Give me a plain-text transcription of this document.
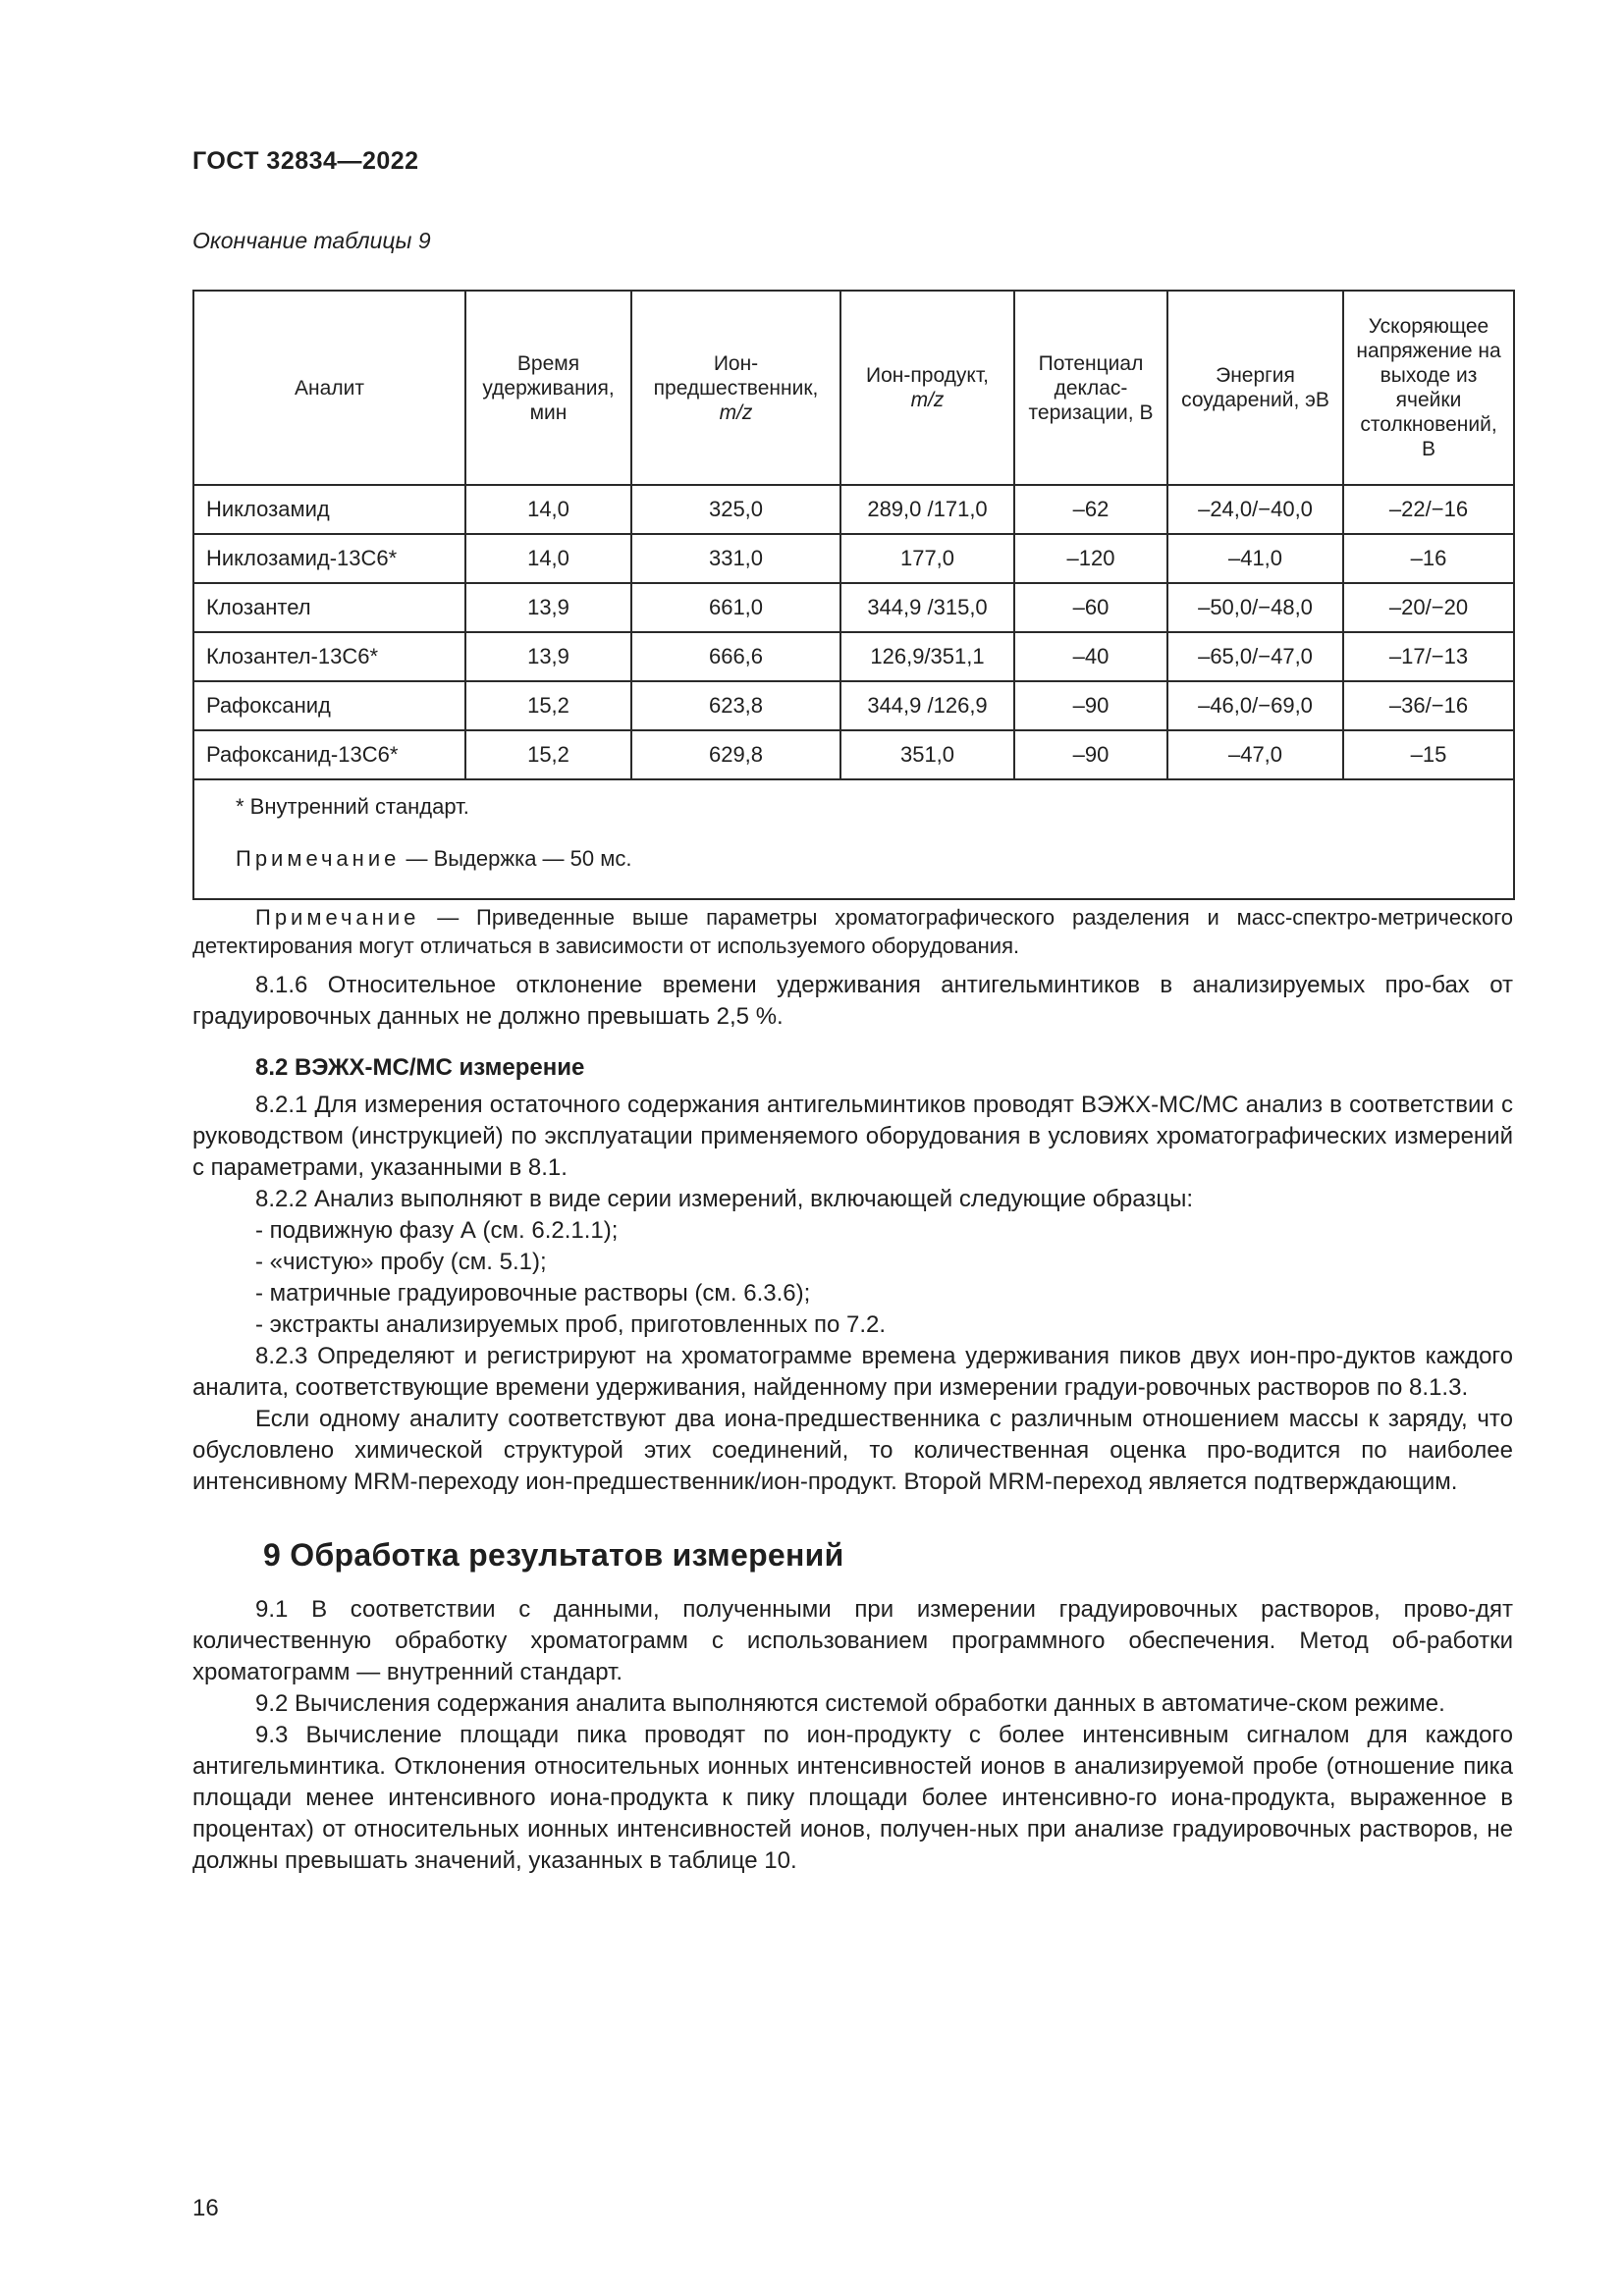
ГОСТ 32834—2022
Окончание таблицы 9
Аналит	Время удерживания, мин	Ион-предшественник, m/z	Ион-продукт, m/z	Потенциал деклас-теризации, В	Энергия соударений, эВ	Ускоряющее напряжение на выходе из ячейки столкновений, В
Никлозамид	14,0	325,0	289,0 /171,0	–62	–24,0/−40,0	–22/−16
Никлозамид-13С6*	14,0	331,0	177,0	–120	–41,0	–16
Клозантел	13,9	661,0	344,9 /315,0	–60	–50,0/−48,0	–20/−20
Клозантел-13С6*	13,9	666,6	126,9/351,1	–40	–65,0/−47,0	–17/−13
Рафоксанид	15,2	623,8	344,9 /126,9	–90	–46,0/−69,0	–36/−16
Рафоксанид-13С6*	15,2	629,8	351,0	–90	–47,0	–15

* Внутренний стандарт.
Примечание — Выдержка — 50 мс.						

Примечание — Приведенные выше параметры хроматографического разделения и масс-спектро-метрического детектирования могут отличаться в зависимости от используемого оборудования.

8.1.6 Относительное отклонение времени удерживания антигельминтиков в анализируемых про-бах от градуировочных данных не должно превышать 2,5 %.

8.2 ВЭЖХ-МС/МС измерение

8.2.1 Для измерения остаточного содержания антигельминтиков проводят ВЭЖХ-МС/МС анализ в соответствии с руководством (инструкцией) по эксплуатации применяемого оборудования в условиях хроматографических измерений с параметрами, указанными в 8.1.

8.2.2 Анализ выполняют в виде серии измерений, включающей следующие образцы:

- подвижную фазу А (см. 6.2.1.1);

- «чистую» пробу (см. 5.1);

- матричные градуировочные растворы (см. 6.3.6);

- экстракты анализируемых проб, приготовленных по 7.2.

8.2.3 Определяют и регистрируют на хроматограмме времена удерживания пиков двух ион-про-дуктов каждого аналита, соответствующие времени удерживания, найденному при измерении градуи-ровочных растворов по 8.1.3.

Если одному аналиту соответствуют два иона-предшественника с различным отношением массы к заряду, что обусловлено химической структурой этих соединений, то количественная оценка про-водится по наиболее интенсивному MRM-переходу ион-предшественник/ион-продукт. Второй MRM-переход является подтверждающим.

9 Обработка результатов измерений

9.1 В соответствии с данными, полученными при измерении градуировочных растворов, прово-дят количественную обработку хроматограмм с использованием программного обеспечения. Метод об-работки хроматограмм — внутренний стандарт.

9.2 Вычисления содержания аналита выполняются системой обработки данных в автоматиче-ском режиме.

9.3 Вычисление площади пика проводят по ион-продукту с более интенсивным сигналом для каждого антигельминтика. Отклонения относительных ионных интенсивностей ионов в анализируемой пробе (отношение пика площади менее интенсивного иона-продукта к пику площади более интенсивно-го иона-продукта, выраженное в процентах) от относительных ионных интенсивностей ионов, получен-ных при анализе градуировочных растворов, не должны превышать значений, указанных в таблице 10.

16
